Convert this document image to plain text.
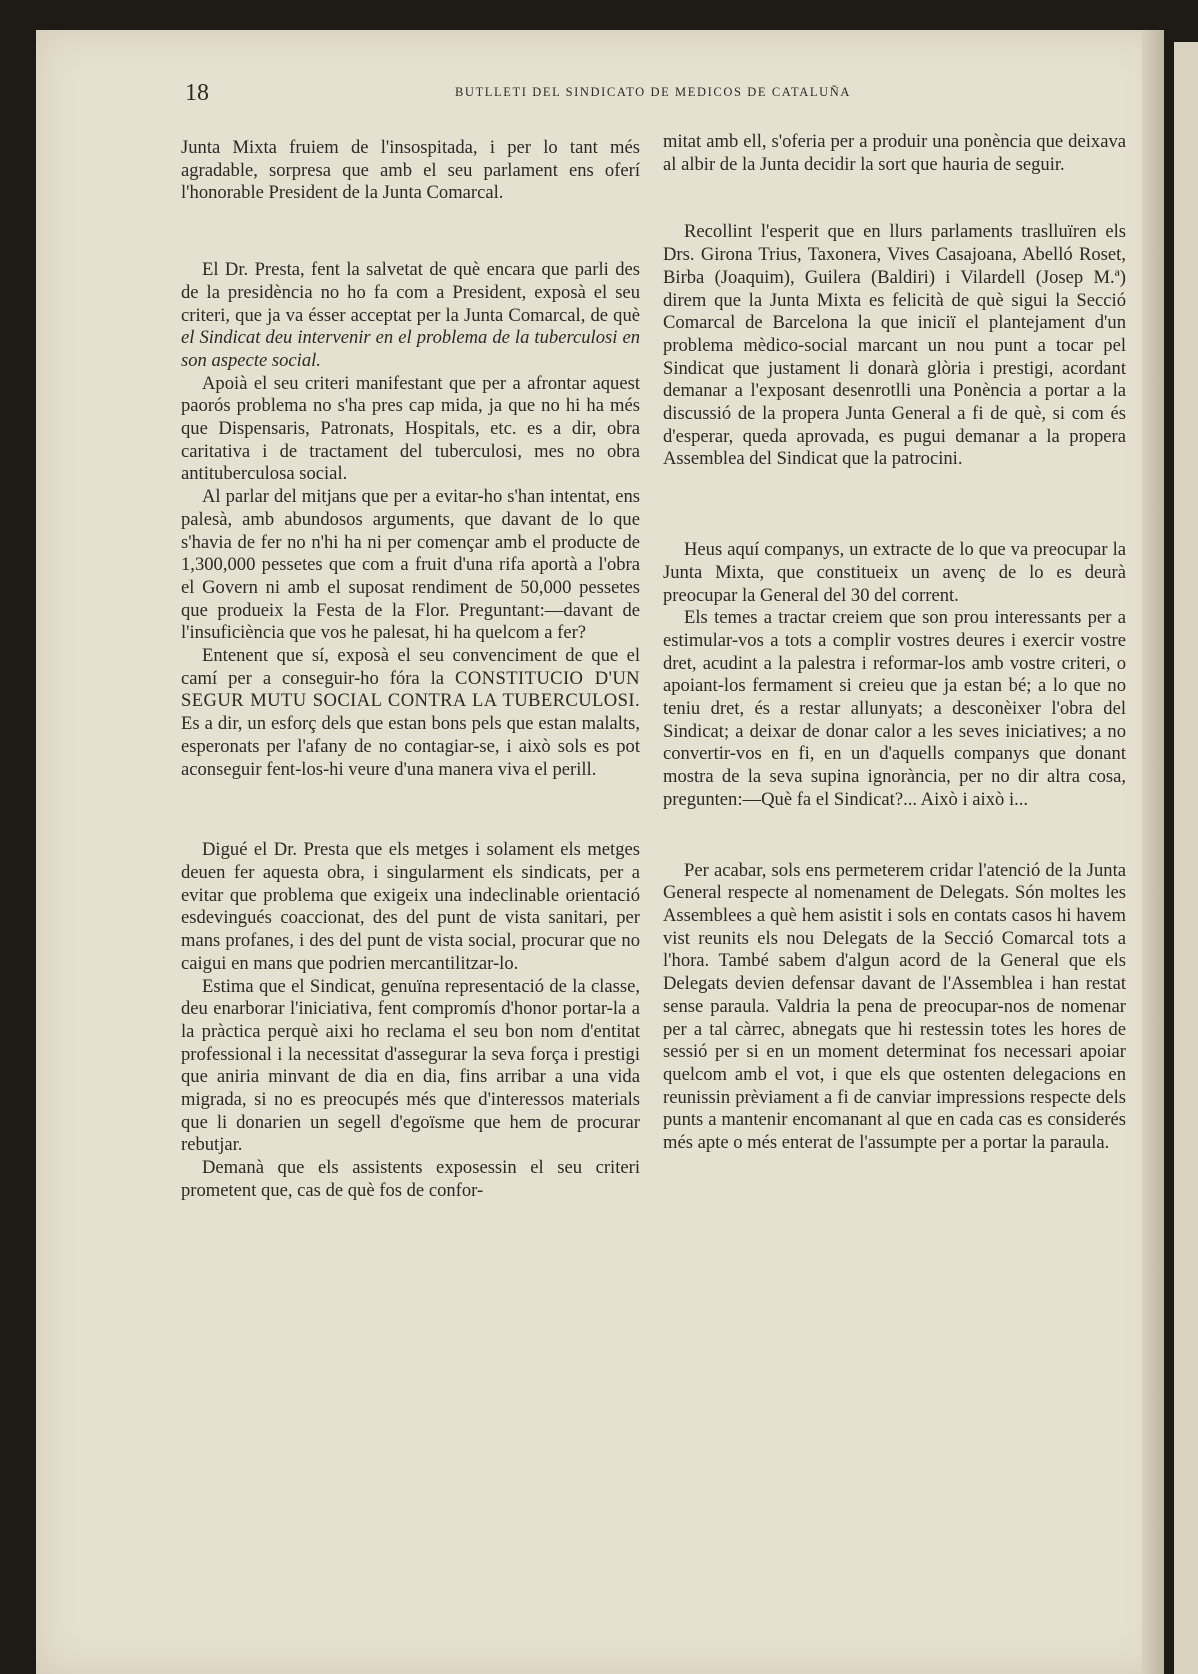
18	BUTLLETI DEL SINDICATO DE MEDICOS DE CATALUÑA

Junta Mixta fruiem de l'insospitada, i per lo tant més agradable, sorpresa que amb el seu parlament ens oferí l'honorable President de la Junta Comarcal.

El Dr. Presta, fent la salvetat de què encara que parli des de la presidència no ho fa com a President, exposà el seu criteri, que ja va ésser acceptat per la Junta Comarcal, de què el Sindicat deu intervenir en el problema de la tuberculosi en son aspecte social.

Apoià el seu criteri manifestant que per a afrontar aquest paorós problema no s'ha pres cap mida, ja que no hi ha més que Dispensaris, Patronats, Hospitals, etc. es a dir, obra caritativa i de tractament del tuberculosi, mes no obra antituberculosa social.

Al parlar del mitjans que per a evitar-ho s'han intentat, ens palesà, amb abundosos arguments, que davant de lo que s'havia de fer no n'hi ha ni per començar amb el producte de 1,300,000 pessetes que com a fruit d'una rifa aportà a l'obra el Govern ni amb el suposat rendiment de 50,000 pessetes que produeix la Festa de la Flor. Preguntant:—davant de l'insuficiència que vos he palesat, hi ha quelcom a fer?

Entenent que sí, exposà el seu convenciment de que el camí per a conseguir-ho fóra la CONSTITUCIO D'UN SEGUR MUTU SOCIAL CONTRA LA TUBERCULOSI. Es a dir, un esforç dels que estan bons pels que estan malalts, esperonats per l'afany de no contagiar-se, i això sols es pot aconseguir fent-los-hi veure d'una manera viva el perill.

Digué el Dr. Presta que els metges i solament els metges deuen fer aquesta obra, i singularment els sindicats, per a evitar que problema que exigeix una indeclinable orientació esdevingués coaccionat, des del punt de vista sanitari, per mans profanes, i des del punt de vista social, procurar que no caigui en mans que podrien mercantilitzar-lo.

Estima que el Sindicat, genuïna representació de la classe, deu enarborar l'iniciativa, fent compromís d'honor portar-la a la pràctica perquè aixi ho reclama el seu bon nom d'entitat professional i la necessitat d'assegurar la seva força i prestigi que aniria minvant de dia en dia, fins arribar a una vida migrada, si no es preocupés més que d'interessos materials que li donarien un segell d'egoïsme que hem de procurar rebutjar.

Demanà que els assistents exposessin el seu criteri prometent que, cas de què fos de confor-

mitat amb ell, s'oferia per a produir una ponència que deixava al albir de la Junta decidir la sort que hauria de seguir.

Recollint l'esperit que en llurs parlaments traslluïren els Drs. Girona Trius, Taxonera, Vives Casajoana, Abelló Roset, Birba (Joaquim), Guilera (Baldiri) i Vilardell (Josep M.ª) direm que la Junta Mixta es felicità de què sigui la Secció Comarcal de Barcelona la que iniciï el plantejament d'un problema mèdico-social marcant un nou punt a tocar pel Sindicat que justament li donarà glòria i prestigi, acordant demanar a l'exposant desenrotlli una Ponència a portar a la discussió de la propera Junta General a fi de què, si com és d'esperar, queda aprovada, es pugui demanar a la propera Assemblea del Sindicat que la patrocini.

Heus aquí companys, un extracte de lo que va preocupar la Junta Mixta, que constitueix un avenç de lo es deurà preocupar la General del 30 del corrent.

Els temes a tractar creiem que son prou interessants per a estimular-vos a tots a complir vostres deures i exercir vostre dret, acudint a la palestra i reformar-los amb vostre criteri, o apoiant-los fermament si creieu que ja estan bé; a lo que no teniu dret, és a restar allunyats; a desconèixer l'obra del Sindicat; a deixar de donar calor a les seves iniciatives; a no convertir-vos en fi, en un d'aquells companys que donant mostra de la seva supina ignorància, per no dir altra cosa, pregunten:—Què fa el Sindicat?... Això i això i...

Per acabar, sols ens permeterem cridar l'atenció de la Junta General respecte al nomenament de Delegats. Són moltes les Assemblees a què hem asistit i sols en contats casos hi havem vist reunits els nou Delegats de la Secció Comarcal tots a l'hora. També sabem d'algun acord de la General que els Delegats devien defensar davant de l'Assemblea i han restat sense paraula. Valdria la pena de preocupar-nos de nomenar per a tal càrrec, abnegats que hi restessin totes les hores de sessió per si en un moment determinat fos necessari apoiar quelcom amb el vot, i que els que ostenten delegacions en reunissin prèviament a fi de canviar impressions respecte dels punts a mantenir encomanant al que en cada cas es considerés més apte o més enterat de l'assumpte per a portar la paraula.
